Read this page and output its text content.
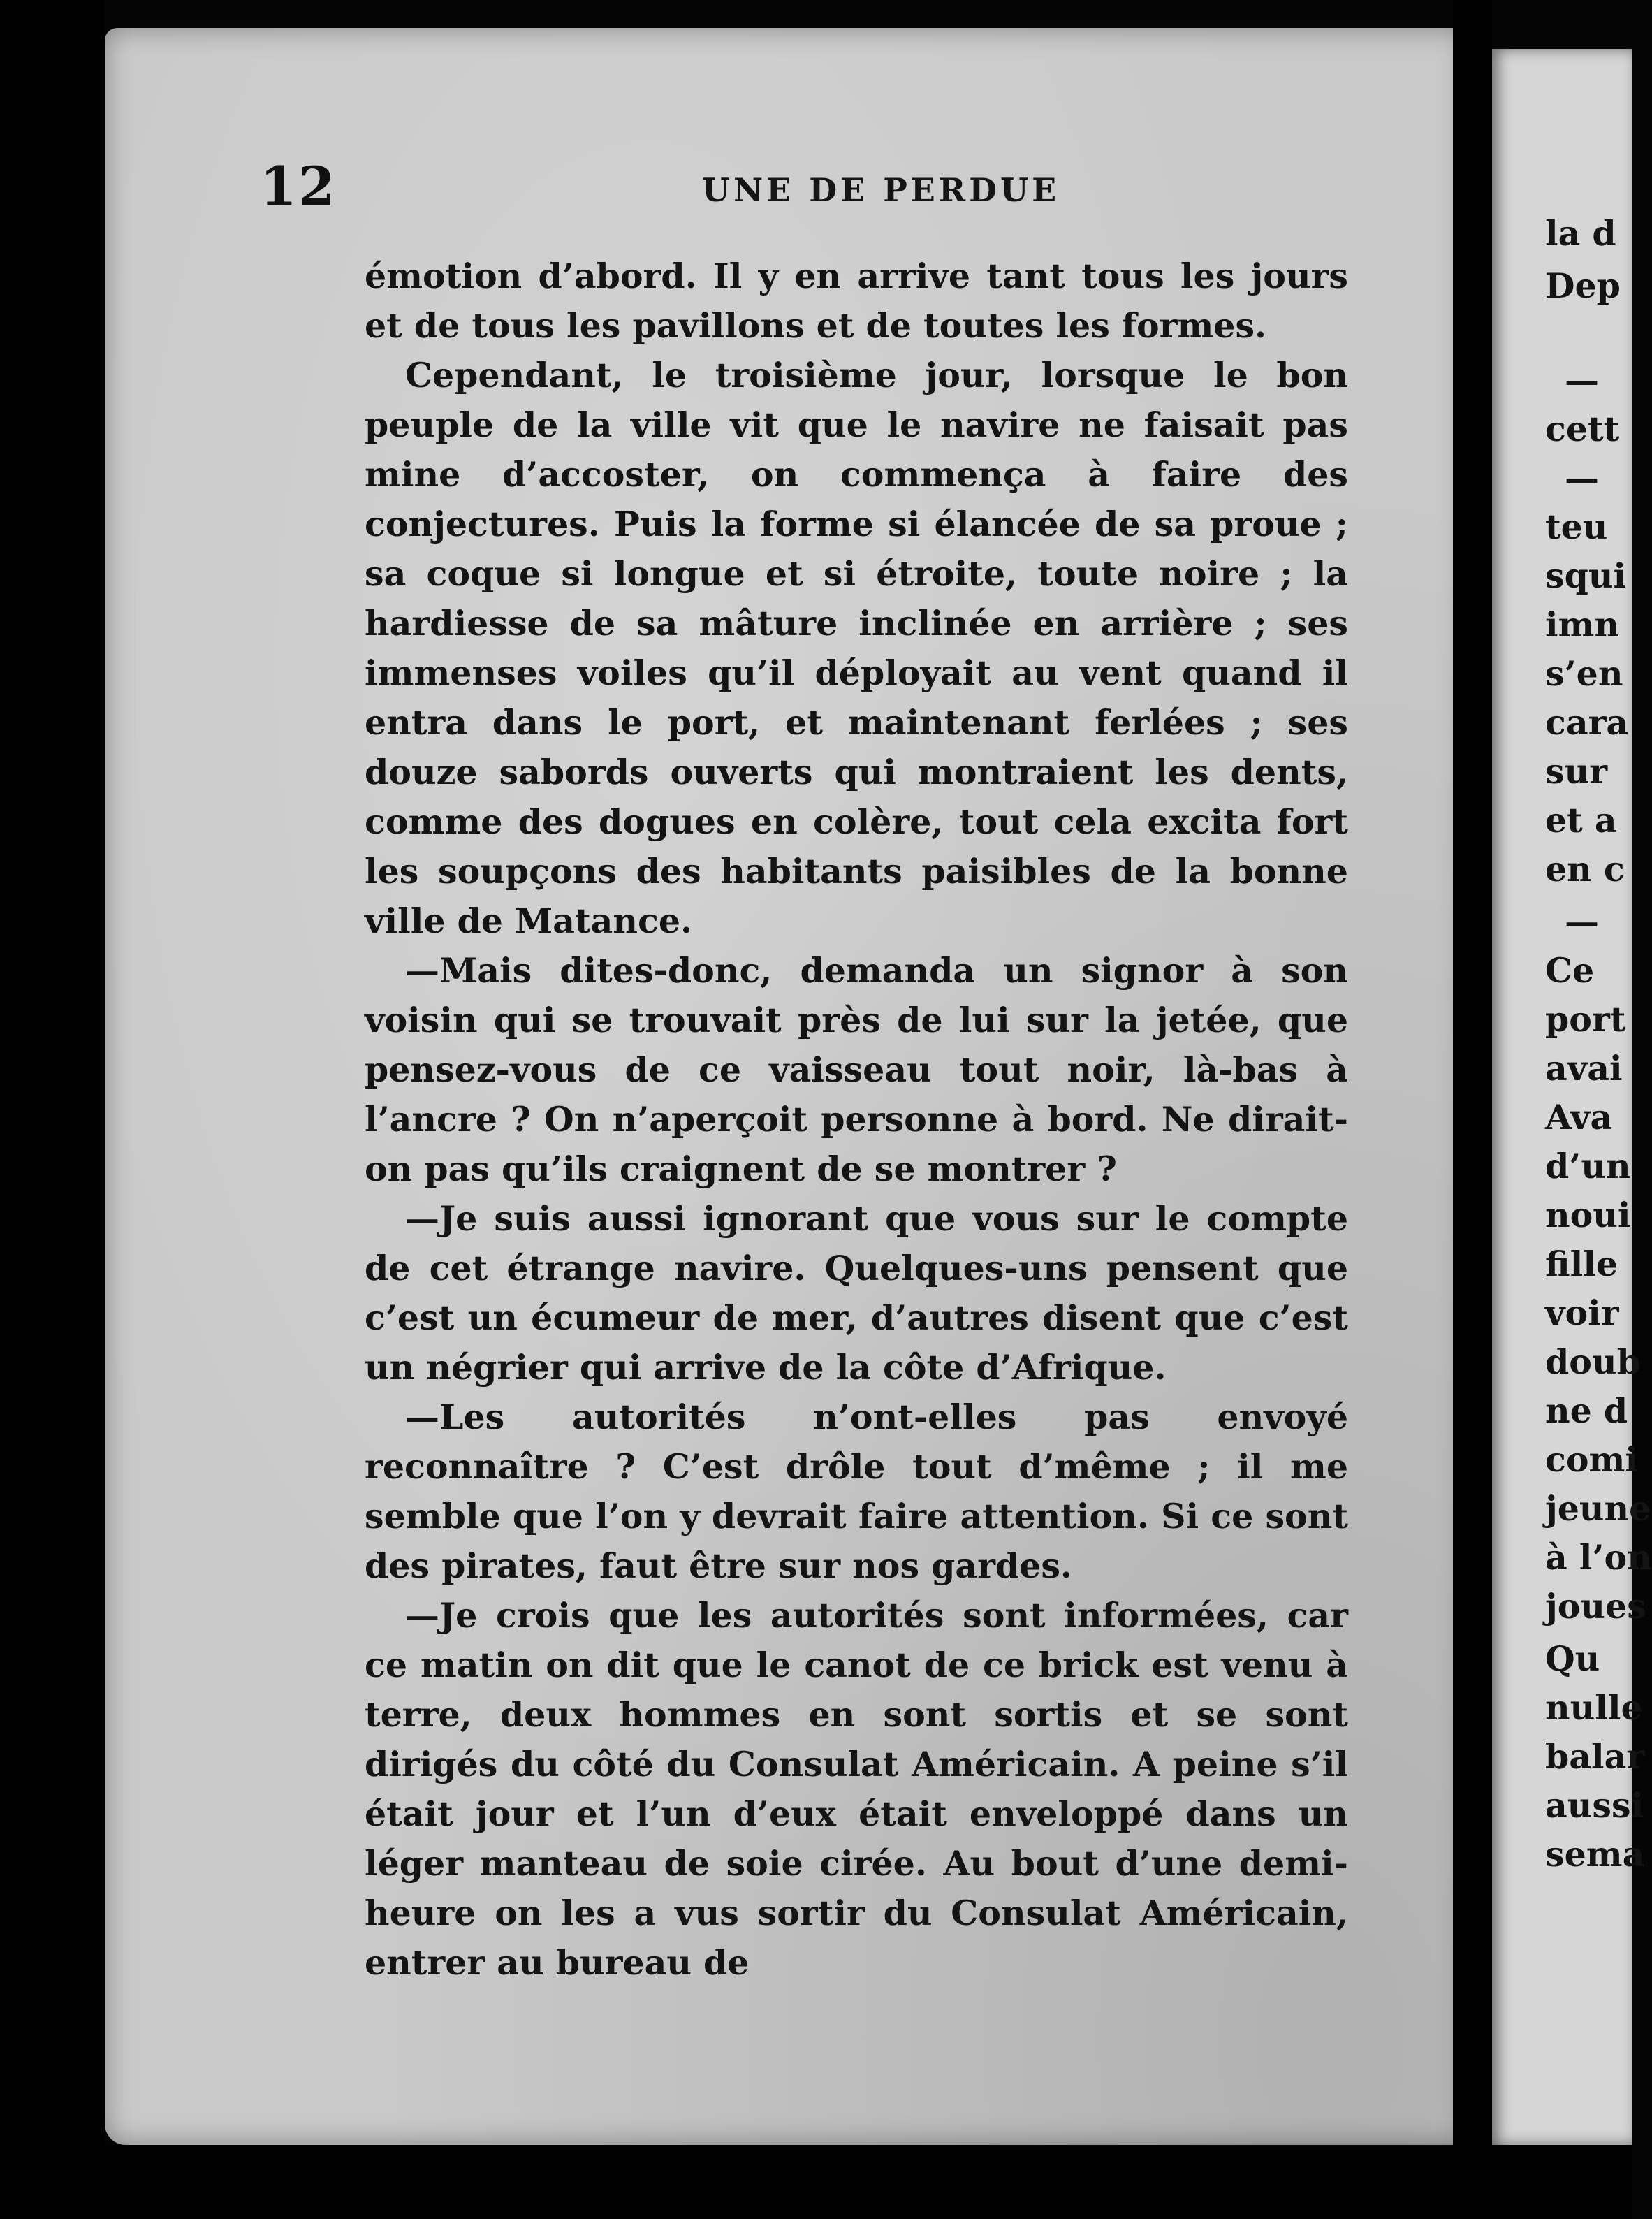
12	UNE DE PERDUE

émotion d’abord. Il y en arrive tant tous les jours et de tous les pavillons et de toutes les formes.

Cependant, le troisième jour, lorsque le bon peuple de la ville vit que le navire ne faisait pas mine d’accoster, on commença à faire des conjectures. Puis la forme si élancée de sa proue ; sa coque si longue et si étroite, toute noire ; la hardiesse de sa mâture inclinée en arrière ; ses immenses voiles qu’il déployait au vent quand il entra dans le port, et maintenant ferlées ; ses douze sabords ouverts qui montraient les dents, comme des dogues en colère, tout cela excita fort les soupçons des habitants paisibles de la bonne ville de Matance.

—Mais dites-donc, demanda un signor à son voisin qui se trouvait près de lui sur la jetée, que pensez-vous de ce vaisseau tout noir, là-bas à l’ancre ? On n’aperçoit personne à bord. Ne dirait-on pas qu’ils craignent de se montrer ?

—Je suis aussi ignorant que vous sur le compte de cet étrange navire. Quelques-uns pensent que c’est un écumeur de mer, d’autres disent que c’est un négrier qui arrive de la côte d’Afrique.

—Les autorités n’ont-elles pas envoyé reconnaître ? C’est drôle tout d’même ; il me semble que l’on y devrait faire attention. Si ce sont des pirates, faut être sur nos gardes.

—Je crois que les autorités sont informées, car ce matin on dit que le canot de ce brick est venu à terre, deux hommes en sont sortis et se sont dirigés du côté du Consulat Américain. A peine s’il était jour et l’un d’eux était enveloppé dans un léger manteau de soie cirée. Au bout d’une demi-heure on les a vus sortir du Consulat Américain, entrer au bureau de

la d
Dep
—
cett
—
teu
squi
imn
s’en
cara
sur
et a
en c
—
Ce
port
avai
Ava
d’un
noui
fille
voir
doub
ne d
comi
jeune
à l’on
joues
Qu
nulle
balar
aussi
sema
